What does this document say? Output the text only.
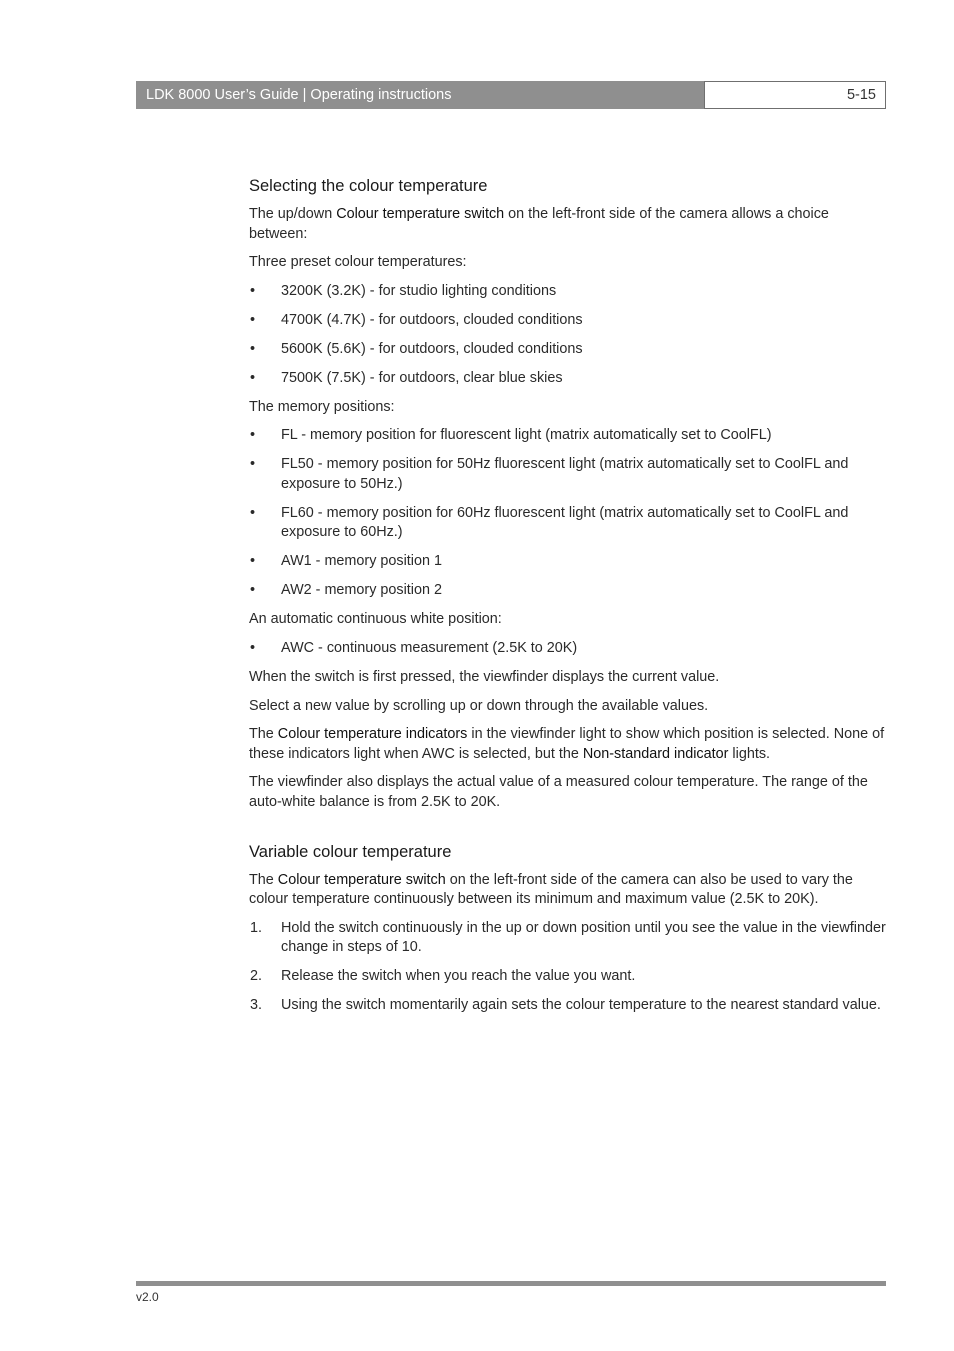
LDK 8000 User’s Guide | Operating instructions	5-15
Selecting the colour temperature

The up/down Colour temperature switch on the left-front side of the camera allows a choice between:

Three preset colour temperatures:

• 3200K (3.2K) - for studio lighting conditions
• 4700K (4.7K) - for outdoors, clouded conditions
• 5600K (5.6K) - for outdoors, clouded conditions
• 7500K (7.5K) - for outdoors, clear blue skies

The memory positions:

• FL - memory position for fluorescent light (matrix automatically set to CoolFL)
• FL50 - memory position for 50Hz fluorescent light (matrix automatically set to CoolFL and exposure to 50Hz.)
• FL60 - memory position for 60Hz fluorescent light (matrix automatically set to CoolFL and exposure to 60Hz.)
• AW1 - memory position 1
• AW2 - memory position 2

An automatic continuous white position:

• AWC - continuous measurement (2.5K to 20K)

When the switch is first pressed, the viewfinder displays the current value.

Select a new value by scrolling up or down through the available values.

The Colour temperature indicators in the viewfinder light to show which position is selected. None of these indicators light when AWC is selected, but the Non-standard indicator lights.

The viewfinder also displays the actual value of a measured colour temperature. The range of the auto-white balance is from 2.5K to 20K.

Variable colour temperature

The Colour temperature switch on the left-front side of the camera can also be used to vary the colour temperature continuously between its minimum and maximum value (2.5K to 20K).

1. Hold the switch continuously in the up or down position until you see the value in the viewfinder change in steps of 10.
2. Release the switch when you reach the value you want.
3. Using the switch momentarily again sets the colour temperature to the nearest standard value.
v2.0
